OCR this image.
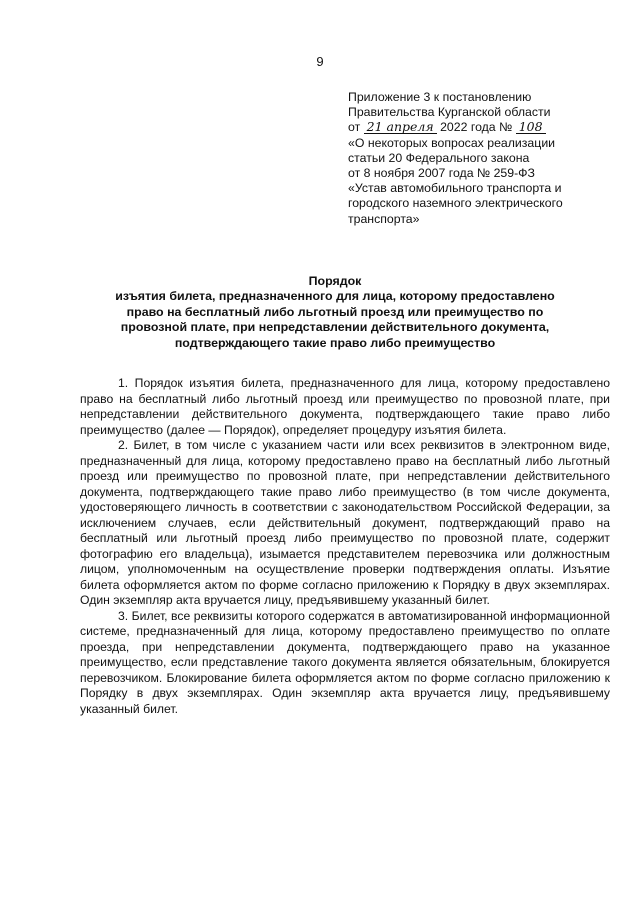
9
Приложение 3 к постановлению
Правительства Курганской области
от 21 апреля 2022 года № 108
«О некоторых вопросах реализации
статьи 20 Федерального закона
от 8 ноября 2007 года № 259-ФЗ
«Устав автомобильного транспорта и
городского наземного электрического
транспорта»
Порядок
изъятия билета, предназначенного для лица, которому предоставлено
право на бесплатный либо льготный проезд или преимущество по
провозной плате, при непредставлении действительного документа,
подтверждающего такие право либо преимущество

1. Порядок изъятия билета, предназначенного для лица, которому предоставлено право на бесплатный либо льготный проезд или преимущество по провозной плате, при непредставлении действительного документа, подтверждающего такие право либо преимущество (далее — Порядок), определяет процедуру изъятия билета.

2. Билет, в том числе с указанием части или всех реквизитов в электронном виде, предназначенный для лица, которому предоставлено право на бесплатный либо льготный проезд или преимущество по провозной плате, при непредставлении действительного документа, подтверждающего такие право либо преимущество (в том числе документа, удостоверяющего личность в соответствии с законодательством Российской Федерации, за исключением случаев, если действительный документ, подтверждающий право на бесплатный или льготный проезд либо преимущество по провозной плате, содержит фотографию его владельца), изымается представителем перевозчика или должностным лицом, уполномоченным на осуществление проверки подтверждения оплаты. Изъятие билета оформляется актом по форме согласно приложению к Порядку в двух экземплярах. Один экземпляр акта вручается лицу, предъявившему указанный билет.

3. Билет, все реквизиты которого содержатся в автоматизированной информационной системе, предназначенный для лица, которому предоставлено преимущество по оплате проезда, при непредставлении документа, подтверждающего право на указанное преимущество, если представление такого документа является обязательным, блокируется перевозчиком. Блокирование билета оформляется актом по форме согласно приложению к Порядку в двух экземплярах. Один экземпляр акта вручается лицу, предъявившему указанный билет.
